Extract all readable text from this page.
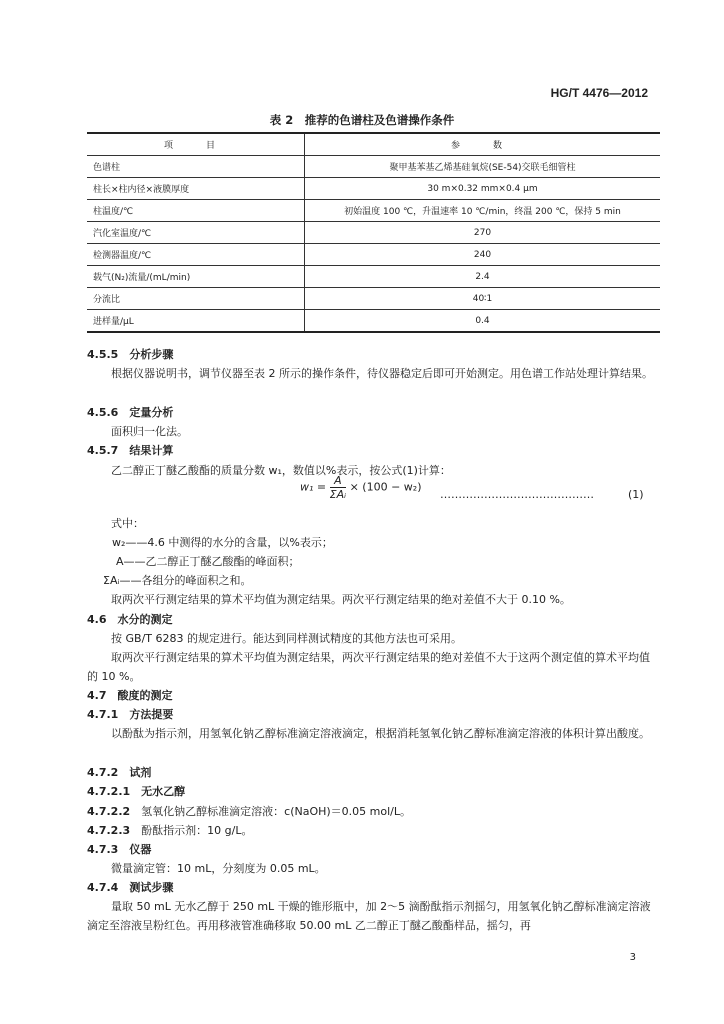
HG/T 4476—2012
表 2　推荐的色谱柱及色谱操作条件
项　目	参　数
色谱柱	聚甲基苯基乙烯基硅氧烷(SE-54)交联毛细管柱
柱长×柱内径×液膜厚度	30 m×0.32 mm×0.4 μm
柱温度/℃	初始温度 100 ℃，升温速率 10 ℃/min，终温 200 ℃，保持 5 min
汽化室温度/℃	270
检测器温度/℃	240
载气(N₂)流量/(mL/min)	2.4
分流比	40∶1
进样量/μL	0.4
4.5.5　分析步骤
根据仪器说明书，调节仪器至表 2 所示的操作条件，待仪器稳定后即可开始测定。用色谱工作站处理计算结果。
4.5.6　定量分析
面积归一化法。
4.5.7　结果计算
乙二醇正丁醚乙酸酯的质量分数 w₁，数值以%表示，按公式(1)计算：
$w_1 = \frac{A}{\text{ΣAᵢ}} \times (100 - w_2)$
……………………………………	(1)
式中：
w₂——4.6 中测得的水分的含量，以%表示；
A——乙二醇正丁醚乙酸酯的峰面积；
ΣAᵢ——各组分的峰面积之和。
取两次平行测定结果的算术平均值为测定结果。两次平行测定结果的绝对差值不大于 0.10 %。
4.6　水分的测定
按 GB/T 6283 的规定进行。能达到同样测试精度的其他方法也可采用。
取两次平行测定结果的算术平均值为测定结果，两次平行测定结果的绝对差值不大于这两个测定值的算术平均值的 10 %。
4.7　酸度的测定
4.7.1　方法提要
以酚酞为指示剂，用氢氧化钠乙醇标准滴定溶液滴定，根据消耗氢氧化钠乙醇标准滴定溶液的体积计算出酸度。
4.7.2　试剂
4.7.2.1　无水乙醇
4.7.2.2　 氢氧化钠乙醇标准滴定溶液：c(NaOH)＝0.05 mol/L。
4.7.2.3　 酚酞指示剂：10 g/L。
4.7.3　仪器
微量滴定管：10 mL，分刻度为 0.05 mL。
4.7.4　测试步骤
量取 50 mL 无水乙醇于 250 mL 干燥的锥形瓶中，加 2～5 滴酚酞指示剂摇匀，用氢氧化钠乙醇标准滴定溶液滴定至溶液呈粉红色。再用移液管准确移取 50.00 mL 乙二醇正丁醚乙酸酯样品，摇匀，再
3
